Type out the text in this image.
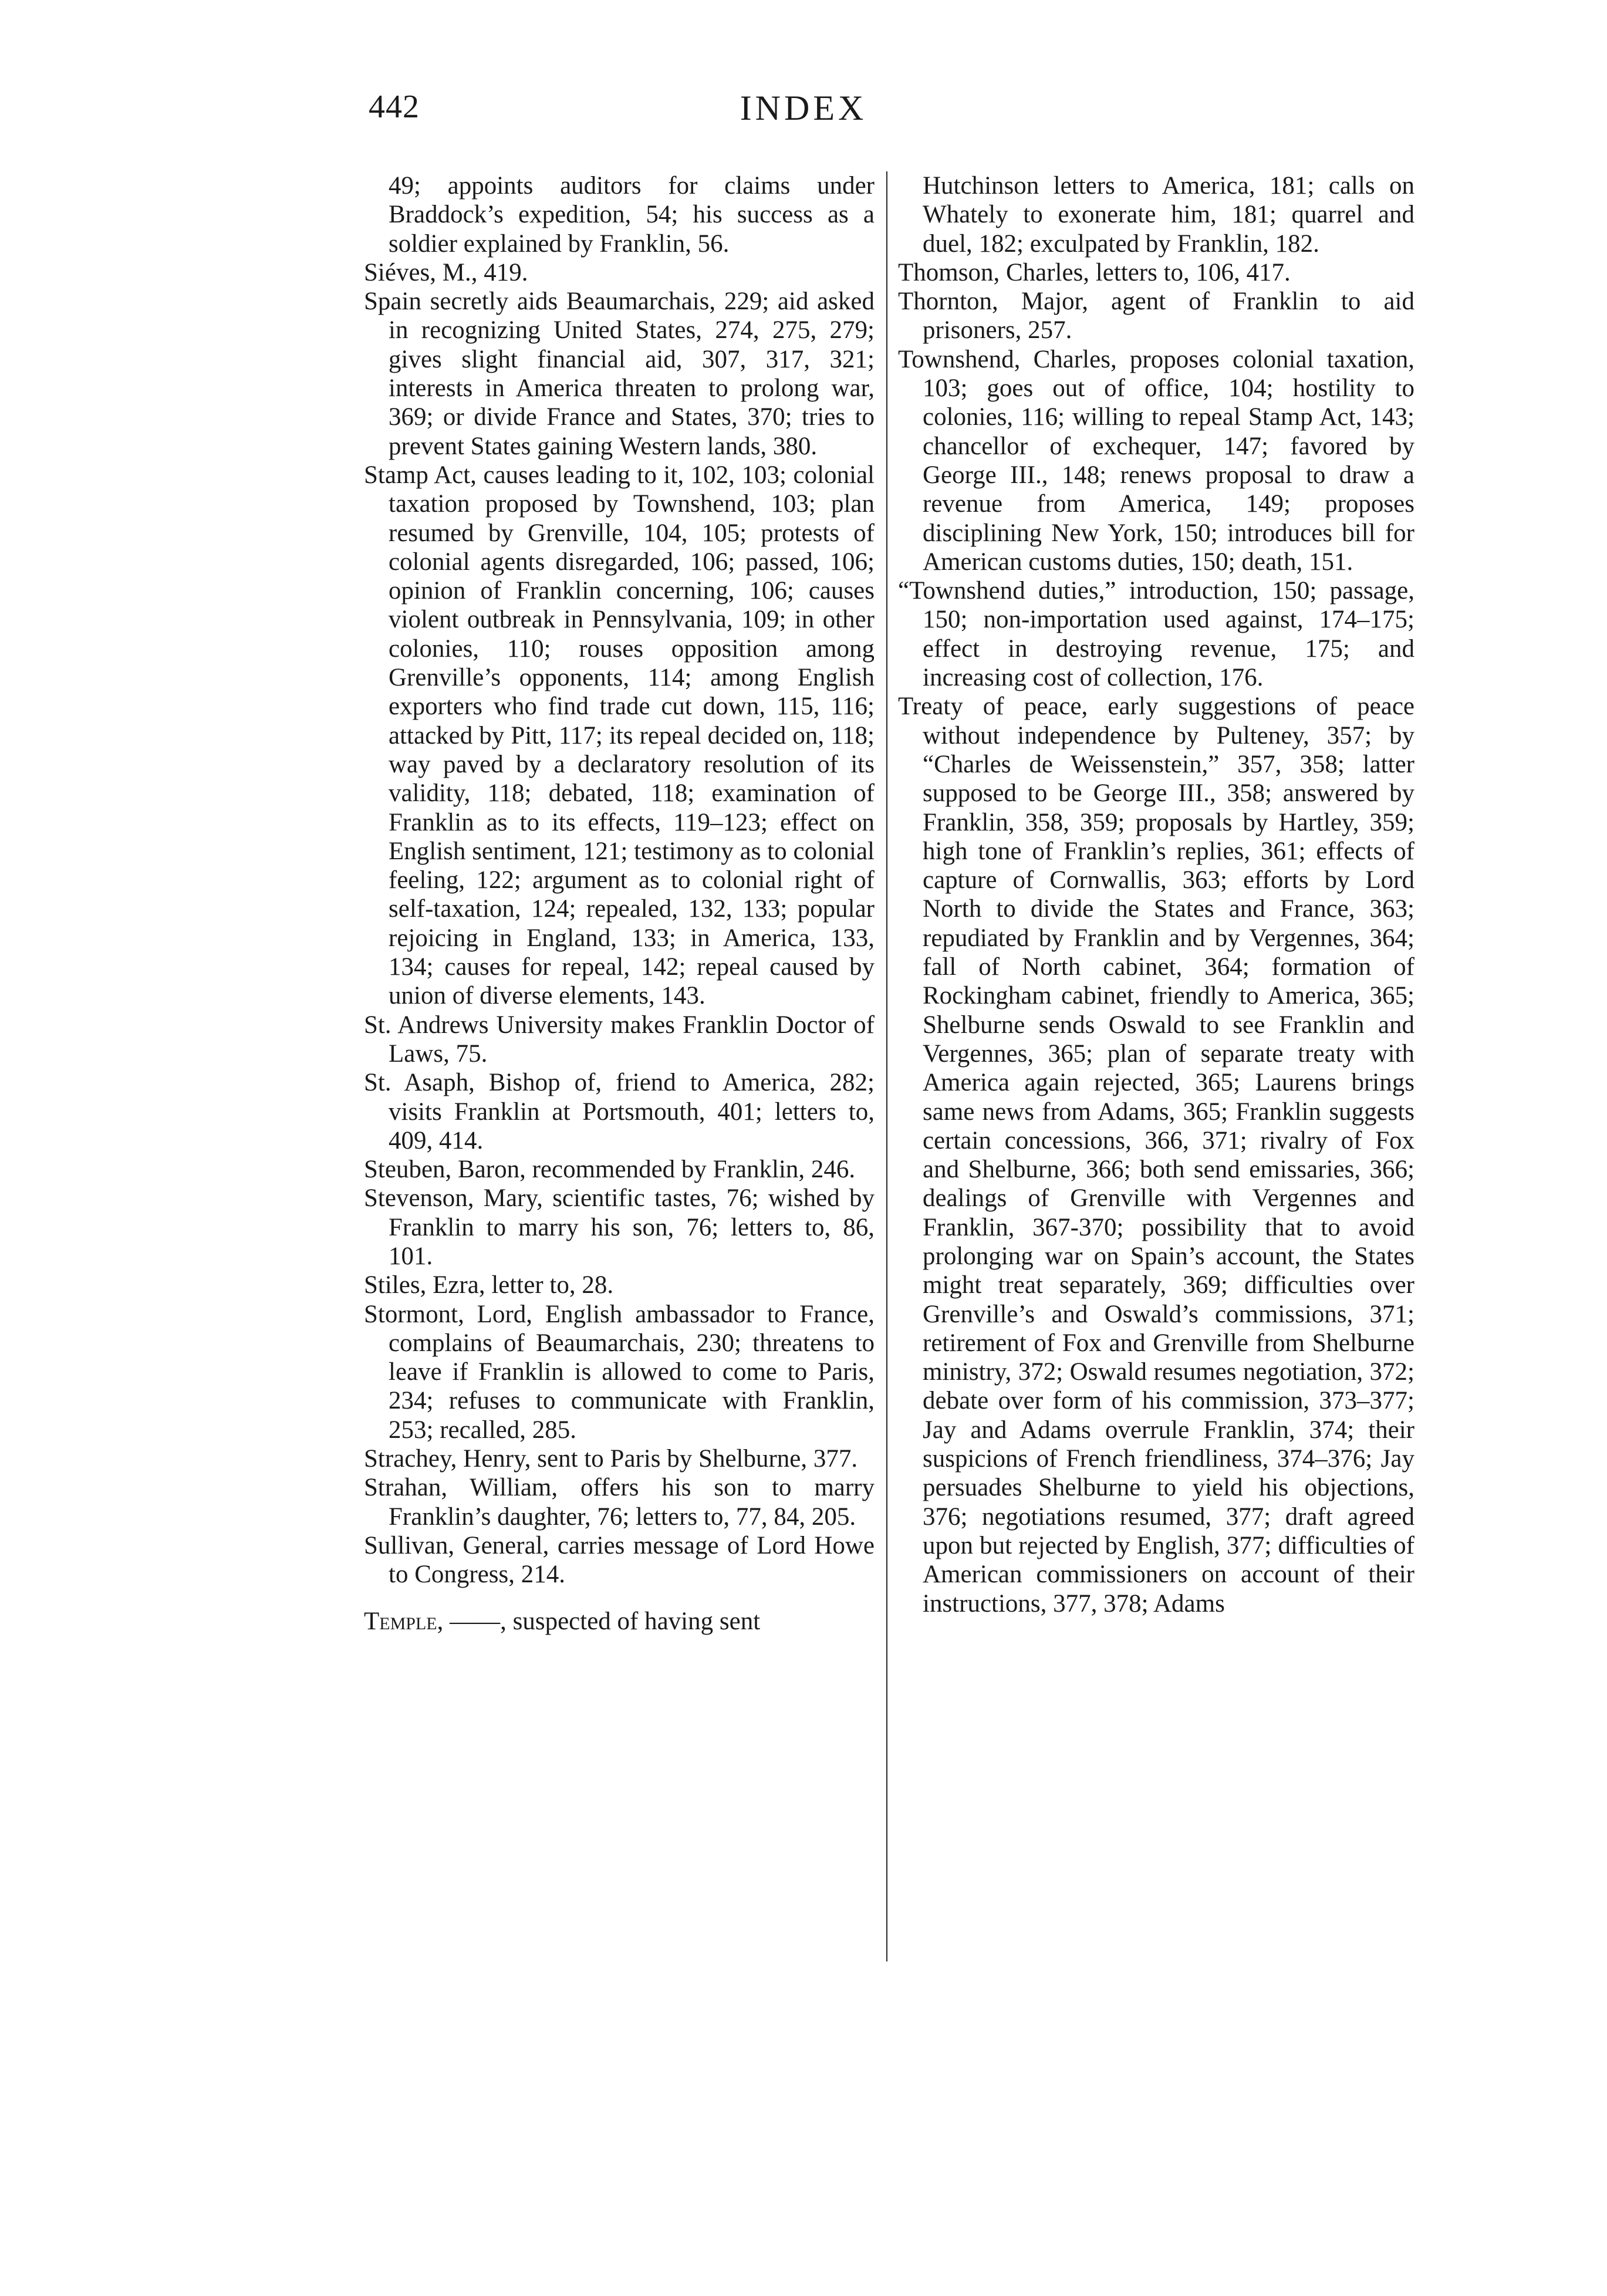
442	INDEX

49; appoints auditors for claims under Braddock’s expedition, 54; his success as a soldier explained by Franklin, 56.

Siéves, M., 419.

Spain secretly aids Beaumarchais, 229; aid asked in recognizing United States, 274, 275, 279; gives slight financial aid, 307, 317, 321; interests in America threaten to prolong war, 369; or divide France and States, 370; tries to prevent States gaining Western lands, 380.

Stamp Act, causes leading to it, 102, 103; colonial taxation proposed by Townshend, 103; plan resumed by Grenville, 104, 105; protests of colonial agents disregarded, 106; passed, 106; opinion of Franklin concerning, 106; causes violent outbreak in Pennsylvania, 109; in other colonies, 110; rouses opposition among Grenville’s opponents, 114; among English exporters who find trade cut down, 115, 116; attacked by Pitt, 117; its repeal decided on, 118; way paved by a declaratory resolution of its validity, 118; debated, 118; examination of Franklin as to its effects, 119–123; effect on English sentiment, 121; testimony as to colonial feeling, 122; argument as to colonial right of self-taxation, 124; repealed, 132, 133; popular rejoicing in England, 133; in America, 133, 134; causes for repeal, 142; repeal caused by union of diverse elements, 143.

St. Andrews University makes Franklin Doctor of Laws, 75.

St. Asaph, Bishop of, friend to America, 282; visits Franklin at Portsmouth, 401; letters to, 409, 414.

Steuben, Baron, recommended by Franklin, 246.

Stevenson, Mary, scientific tastes, 76; wished by Franklin to marry his son, 76; letters to, 86, 101.

Stiles, Ezra, letter to, 28.

Stormont, Lord, English ambassador to France, complains of Beaumarchais, 230; threatens to leave if Franklin is allowed to come to Paris, 234; refuses to communicate with Franklin, 253; recalled, 285.

Strachey, Henry, sent to Paris by Shelburne, 377.

Strahan, William, offers his son to marry Franklin’s daughter, 76; letters to, 77, 84, 205.

Sullivan, General, carries message of Lord Howe to Congress, 214.

Temple, ——, suspected of having sent

Hutchinson letters to America, 181; calls on Whately to exonerate him, 181; quarrel and duel, 182; exculpated by Franklin, 182.

Thomson, Charles, letters to, 106, 417.

Thornton, Major, agent of Franklin to aid prisoners, 257.

Townshend, Charles, proposes colonial taxation, 103; goes out of office, 104; hostility to colonies, 116; willing to repeal Stamp Act, 143; chancellor of exchequer, 147; favored by George III., 148; renews proposal to draw a revenue from America, 149; proposes disciplining New York, 150; introduces bill for American customs duties, 150; death, 151.

“Townshend duties,” introduction, 150; passage, 150; non-importation used against, 174–175; effect in destroying revenue, 175; and increasing cost of collection, 176.

Treaty of peace, early suggestions of peace without independence by Pulteney, 357; by “Charles de Weissenstein,” 357, 358; latter supposed to be George III., 358; answered by Franklin, 358, 359; proposals by Hartley, 359; high tone of Franklin’s replies, 361; effects of capture of Cornwallis, 363; efforts by Lord North to divide the States and France, 363; repudiated by Franklin and by Vergennes, 364; fall of North cabinet, 364; formation of Rockingham cabinet, friendly to America, 365; Shelburne sends Oswald to see Franklin and Vergennes, 365; plan of separate treaty with America again rejected, 365; Laurens brings same news from Adams, 365; Franklin suggests certain concessions, 366, 371; rivalry of Fox and Shelburne, 366; both send emissaries, 366; dealings of Grenville with Vergennes and Franklin, 367-370; possibility that to avoid prolonging war on Spain’s account, the States might treat separately, 369; difficulties over Grenville’s and Oswald’s commissions, 371; retirement of Fox and Grenville from Shelburne ministry, 372; Oswald resumes negotiation, 372; debate over form of his commission, 373–377; Jay and Adams overrule Franklin, 374; their suspicions of French friendliness, 374–376; Jay persuades Shelburne to yield his objections, 376; negotiations resumed, 377; draft agreed upon but rejected by English, 377; difficulties of American commissioners on account of their instructions, 377, 378; Adams
